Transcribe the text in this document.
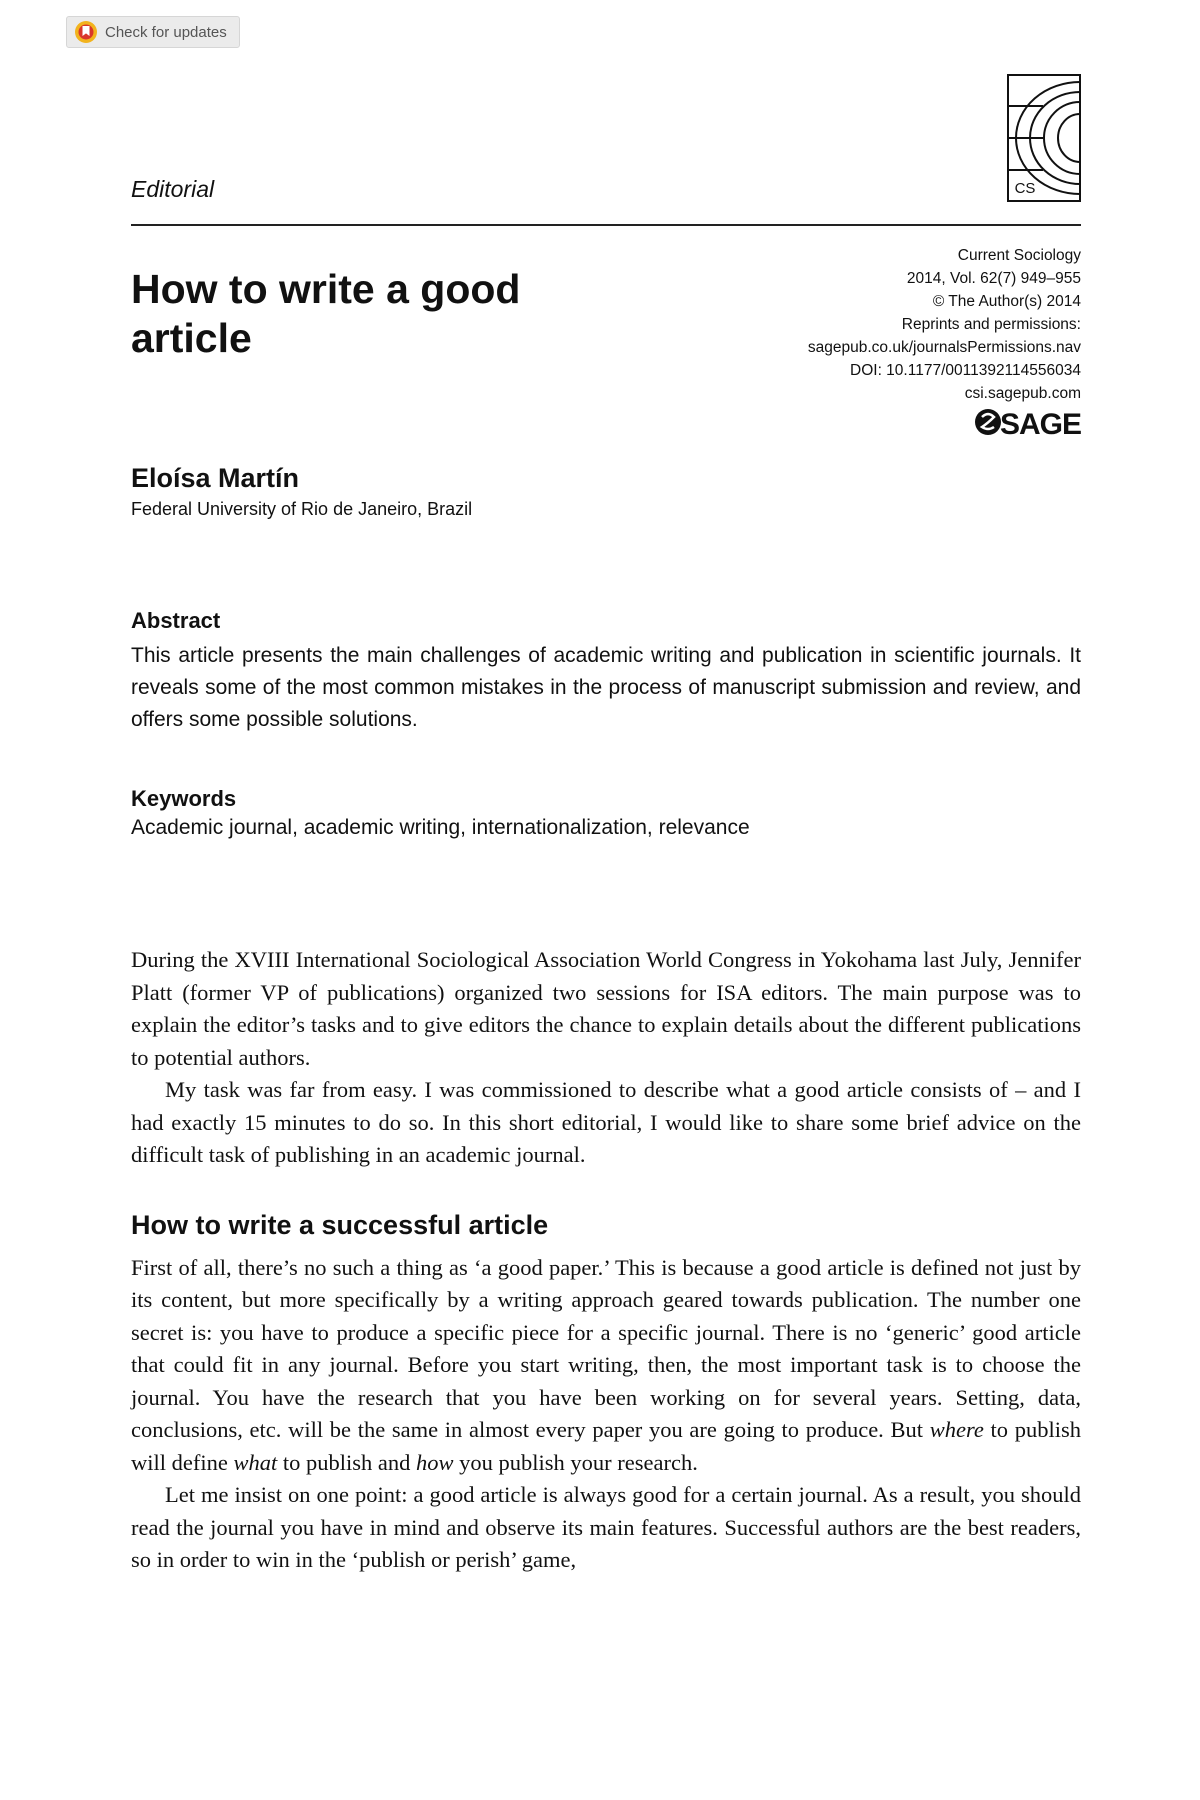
Check for updates
Editorial	CS
How to write a good article
Current Sociology
2014, Vol. 62(7) 949–955
© The Author(s) 2014
Reprints and permissions:
sagepub.co.uk/journalsPermissions.nav
DOI: 10.1177/0011392114556034
csi.sagepub.com
SAGE
Eloísa Martín
Federal University of Rio de Janeiro, Brazil
Abstract

This article presents the main challenges of academic writing and publication in scientific journals. It reveals some of the most common mistakes in the process of manuscript submission and review, and offers some possible solutions.

Keywords
Academic journal, academic writing, internationalization, relevance

During the XVIII International Sociological Association World Congress in Yokohama last July, Jennifer Platt (former VP of publications) organized two sessions for ISA editors. The main purpose was to explain the editor’s tasks and to give editors the chance to explain details about the different publications to potential authors.

My task was far from easy. I was commissioned to describe what a good article consists of – and I had exactly 15 minutes to do so. In this short editorial, I would like to share some brief advice on the difficult task of publishing in an academic journal.

How to write a successful article

First of all, there’s no such a thing as ‘a good paper.’ This is because a good article is defined not just by its content, but more specifically by a writing approach geared towards publication. The number one secret is: you have to produce a specific piece for a specific journal. There is no ‘generic’ good article that could fit in any journal. Before you start writing, then, the most important task is to choose the journal. You have the research that you have been working on for several years. Setting, data, conclusions, etc. will be the same in almost every paper you are going to produce. But where to publish will define what to publish and how you publish your research.

Let me insist on one point: a good article is always good for a certain journal. As a result, you should read the journal you have in mind and observe its main features. Successful authors are the best readers, so in order to win in the ‘publish or perish’ game,
